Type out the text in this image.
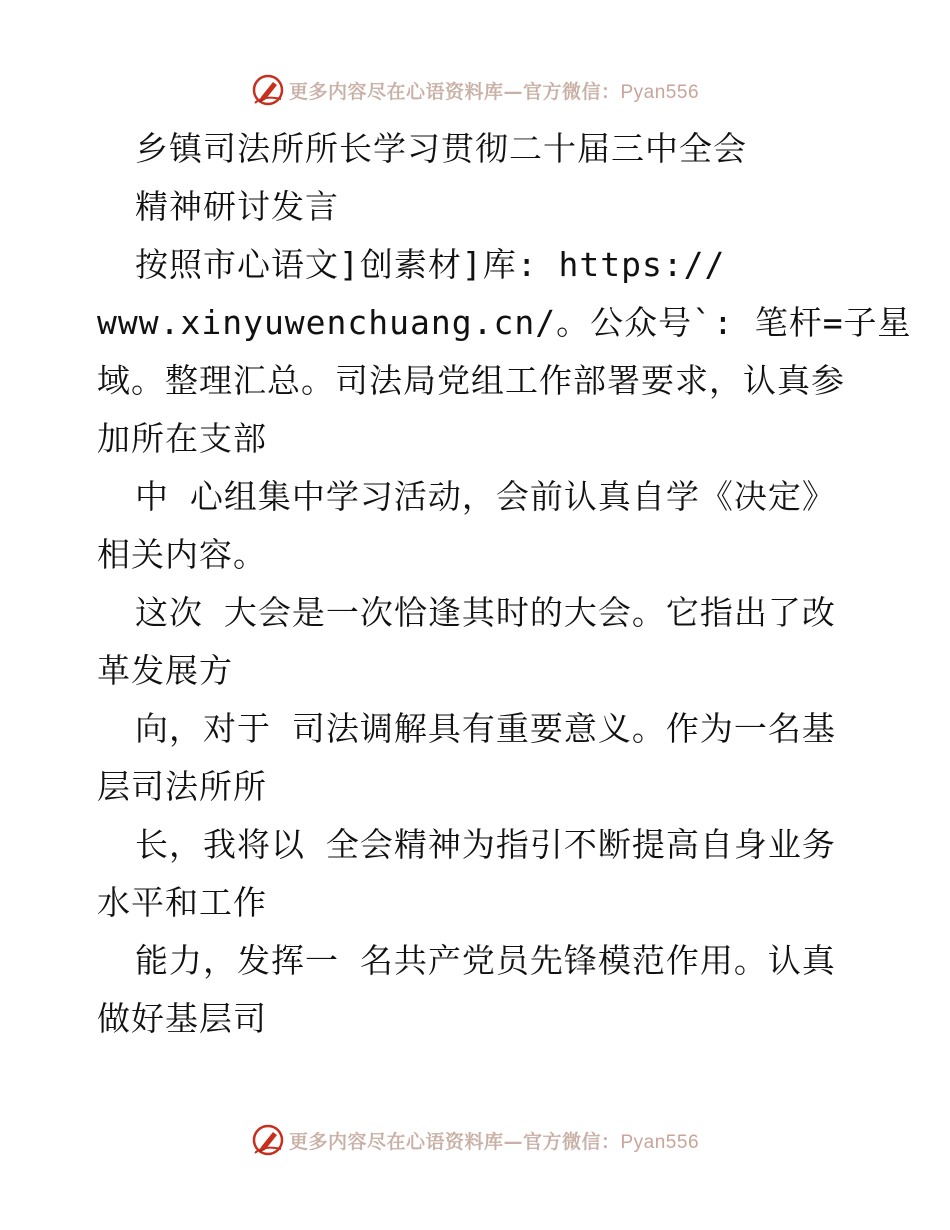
更多内容尽在心语资料库—官方微信：Pyan556
乡镇司法所所长学习贯彻二十届三中全会
精神研讨发言
按照市心语文]创素材]库: https://
www.xinyuwenchuang.cn/。公众号`: 笔杆=子星
域。整理汇总。司法局党组工作部署要求，认真参
加所在支部
中 心组集中学习活动，会前认真自学《决定》
相关内容。
这次 大会是一次恰逢其时的大会。它指出了改
革发展方
向，对于 司法调解具有重要意义。作为一名基
层司法所所
长，我将以 全会精神为指引不断提高自身业务
水平和工作
能力，发挥一 名共产党员先锋模范作用。认真
做好基层司
更多内容尽在心语资料库—官方微信：Pyan556
